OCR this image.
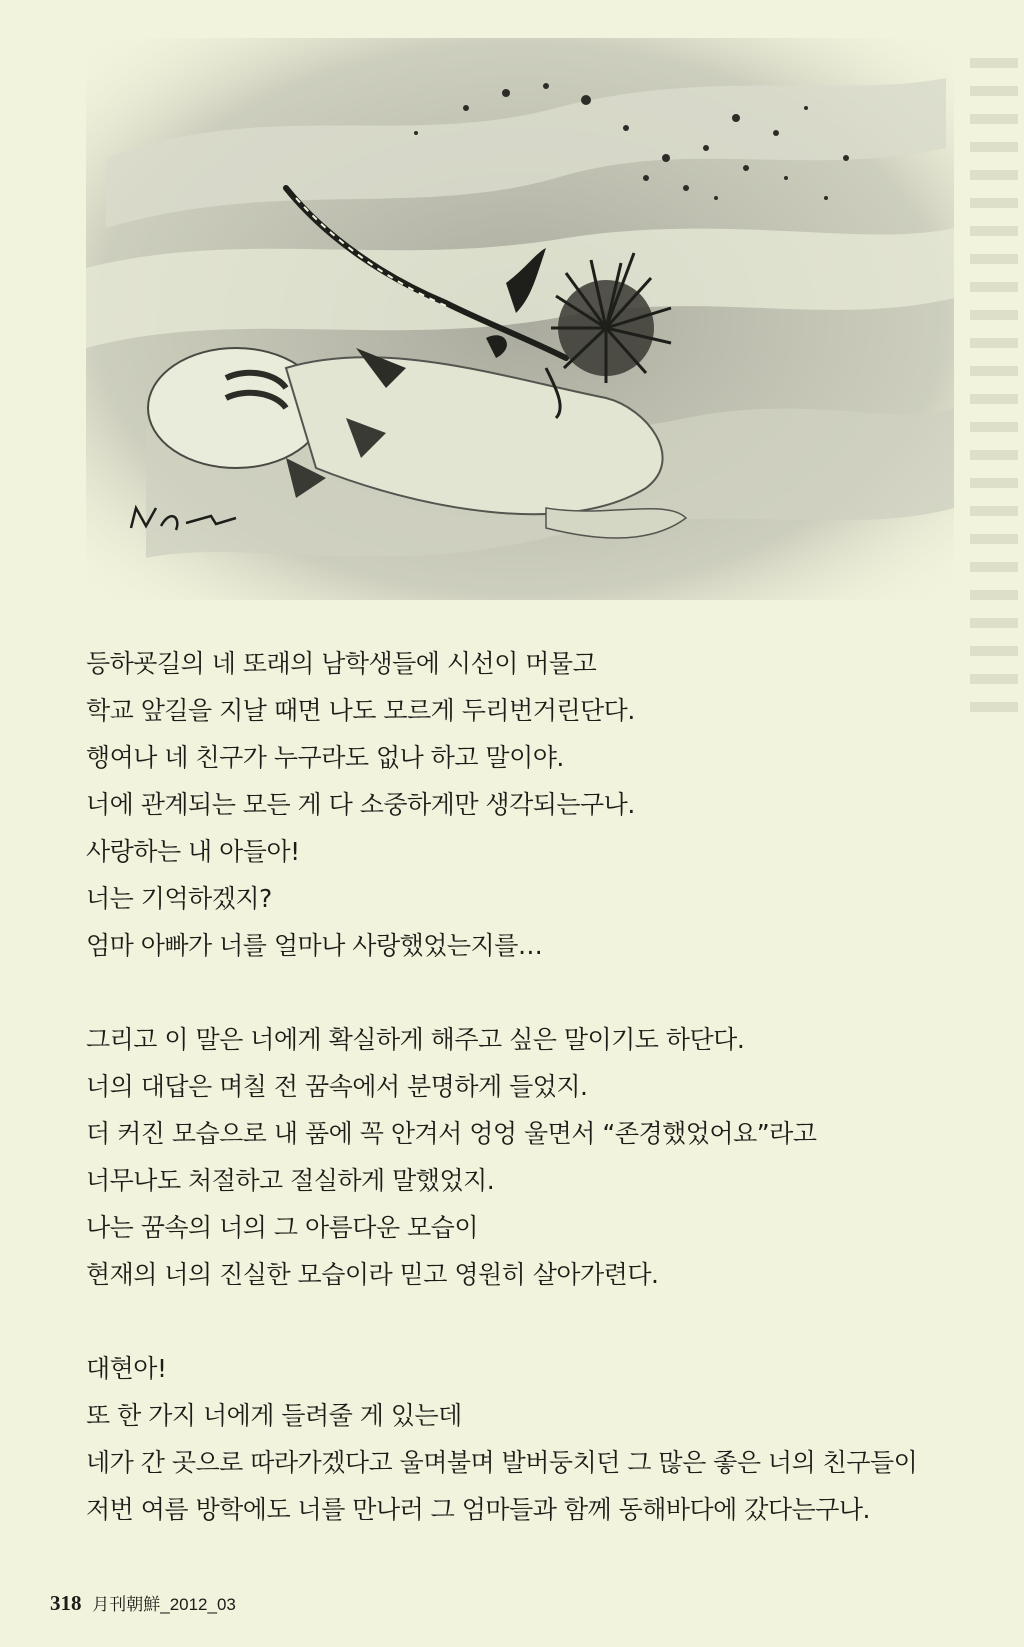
등하굣길의 네 또래의 남학생들에 시선이 머물고
학교 앞길을 지날 때면 나도 모르게 두리번거린단다.
행여나 네 친구가 누구라도 없나 하고 말이야.
너에 관계되는 모든 게 다 소중하게만 생각되는구나.
사랑하는 내 아들아!
너는 기억하겠지?
엄마 아빠가 너를 얼마나 사랑했었는지를…
그리고 이 말은 너에게 확실하게 해주고 싶은 말이기도 하단다.
너의 대답은 며칠 전 꿈속에서 분명하게 들었지.
더 커진 모습으로 내 품에 꼭 안겨서 엉엉 울면서 “존경했었어요”라고
너무나도 처절하고 절실하게 말했었지.
나는 꿈속의 너의 그 아름다운 모습이
현재의 너의 진실한 모습이라 믿고 영원히 살아가련다.
대현아!
또 한 가지 너에게 들려줄 게 있는데
네가 간 곳으로 따라가겠다고 울며불며 발버둥치던 그 많은 좋은 너의 친구들이
저번 여름 방학에도 너를 만나러 그 엄마들과 함께 동해바다에 갔다는구나.
318 月刊朝鮮_2012_03
